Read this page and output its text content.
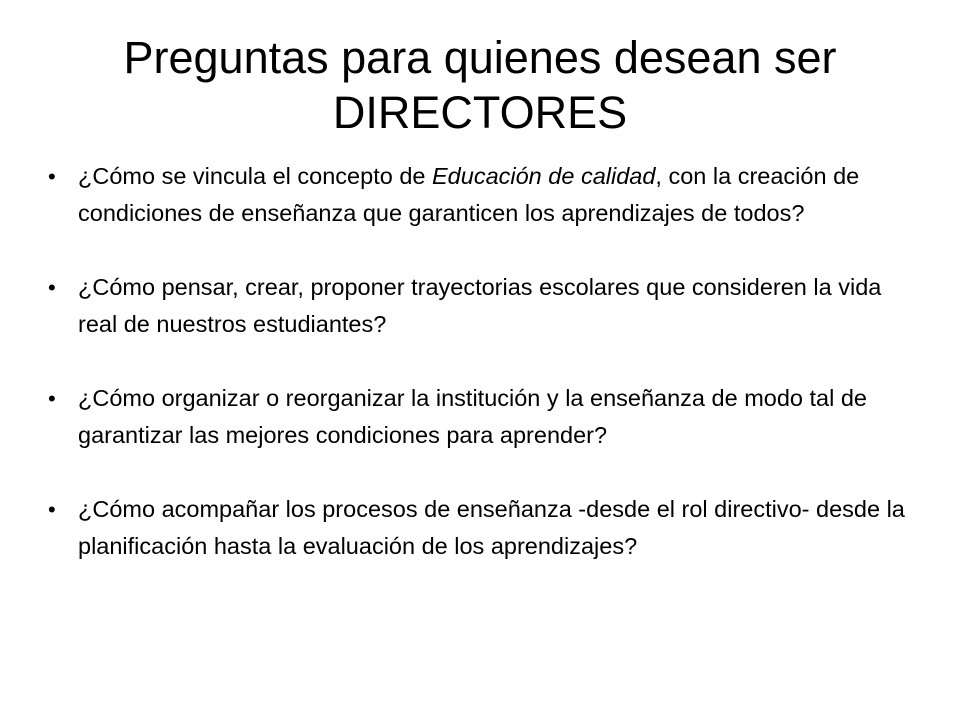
Preguntas para quienes desean ser
DIRECTORES
• ¿Cómo se vincula el concepto de Educación de calidad, con la creación de condiciones de enseñanza que garanticen los aprendizajes de todos?
• ¿Cómo pensar, crear, proponer trayectorias escolares que consideren la vida real de nuestros estudiantes?
• ¿Cómo organizar o reorganizar la institución y la enseñanza de modo tal de garantizar las mejores condiciones para aprender?
• ¿Cómo acompañar los procesos de enseñanza -desde el rol directivo- desde la planificación hasta la evaluación de los aprendizajes?
